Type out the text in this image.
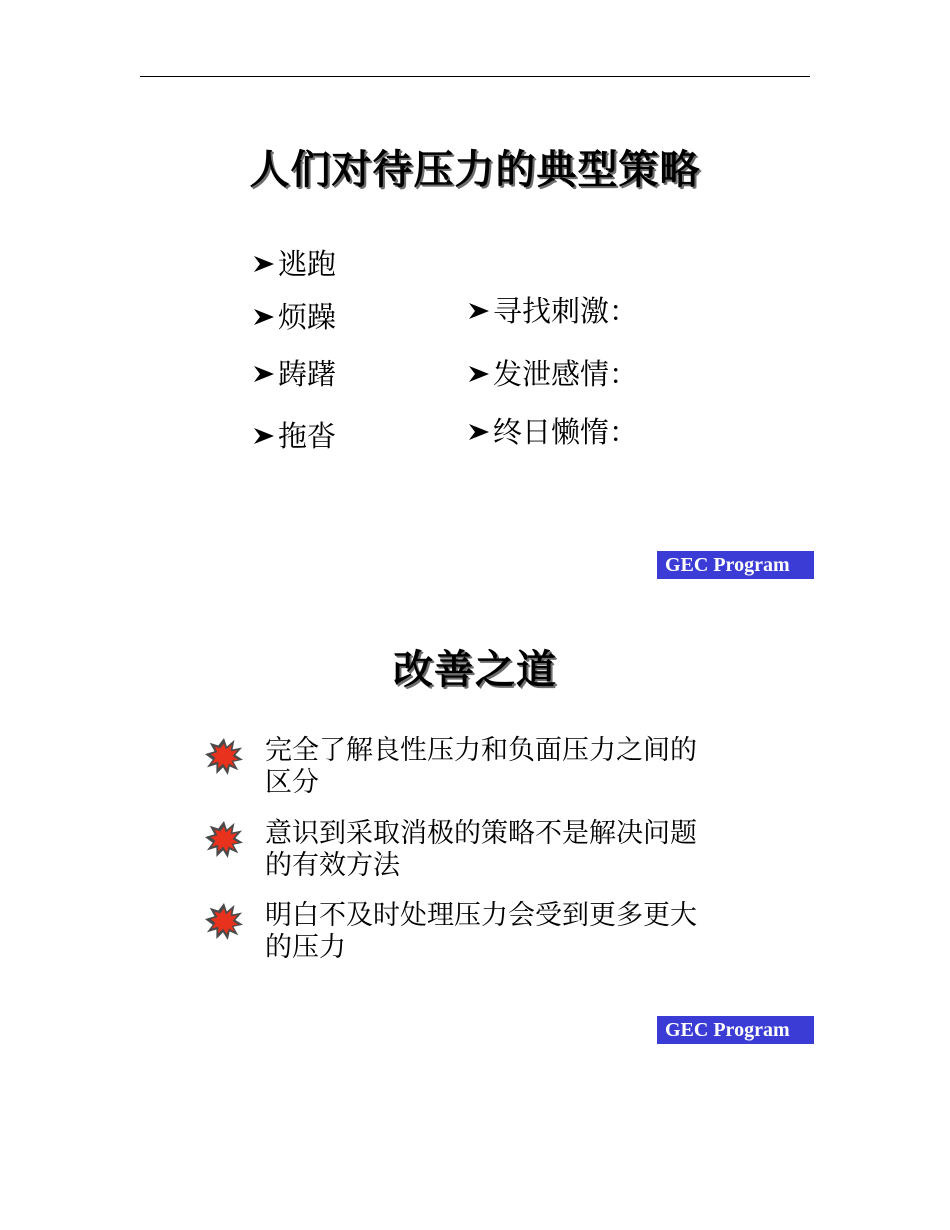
人们对待压力的典型策略
逃跑
烦躁
踌躇
拖沓
寻找刺激：
发泄感情：
终日懒惰：
GEC Program
改善之道
完全了解良性压力和负面压力之间的区分
意识到采取消极的策略不是解决问题 的有效方法
明白不及时处理压力会受到更多更大的压力
GEC Program
